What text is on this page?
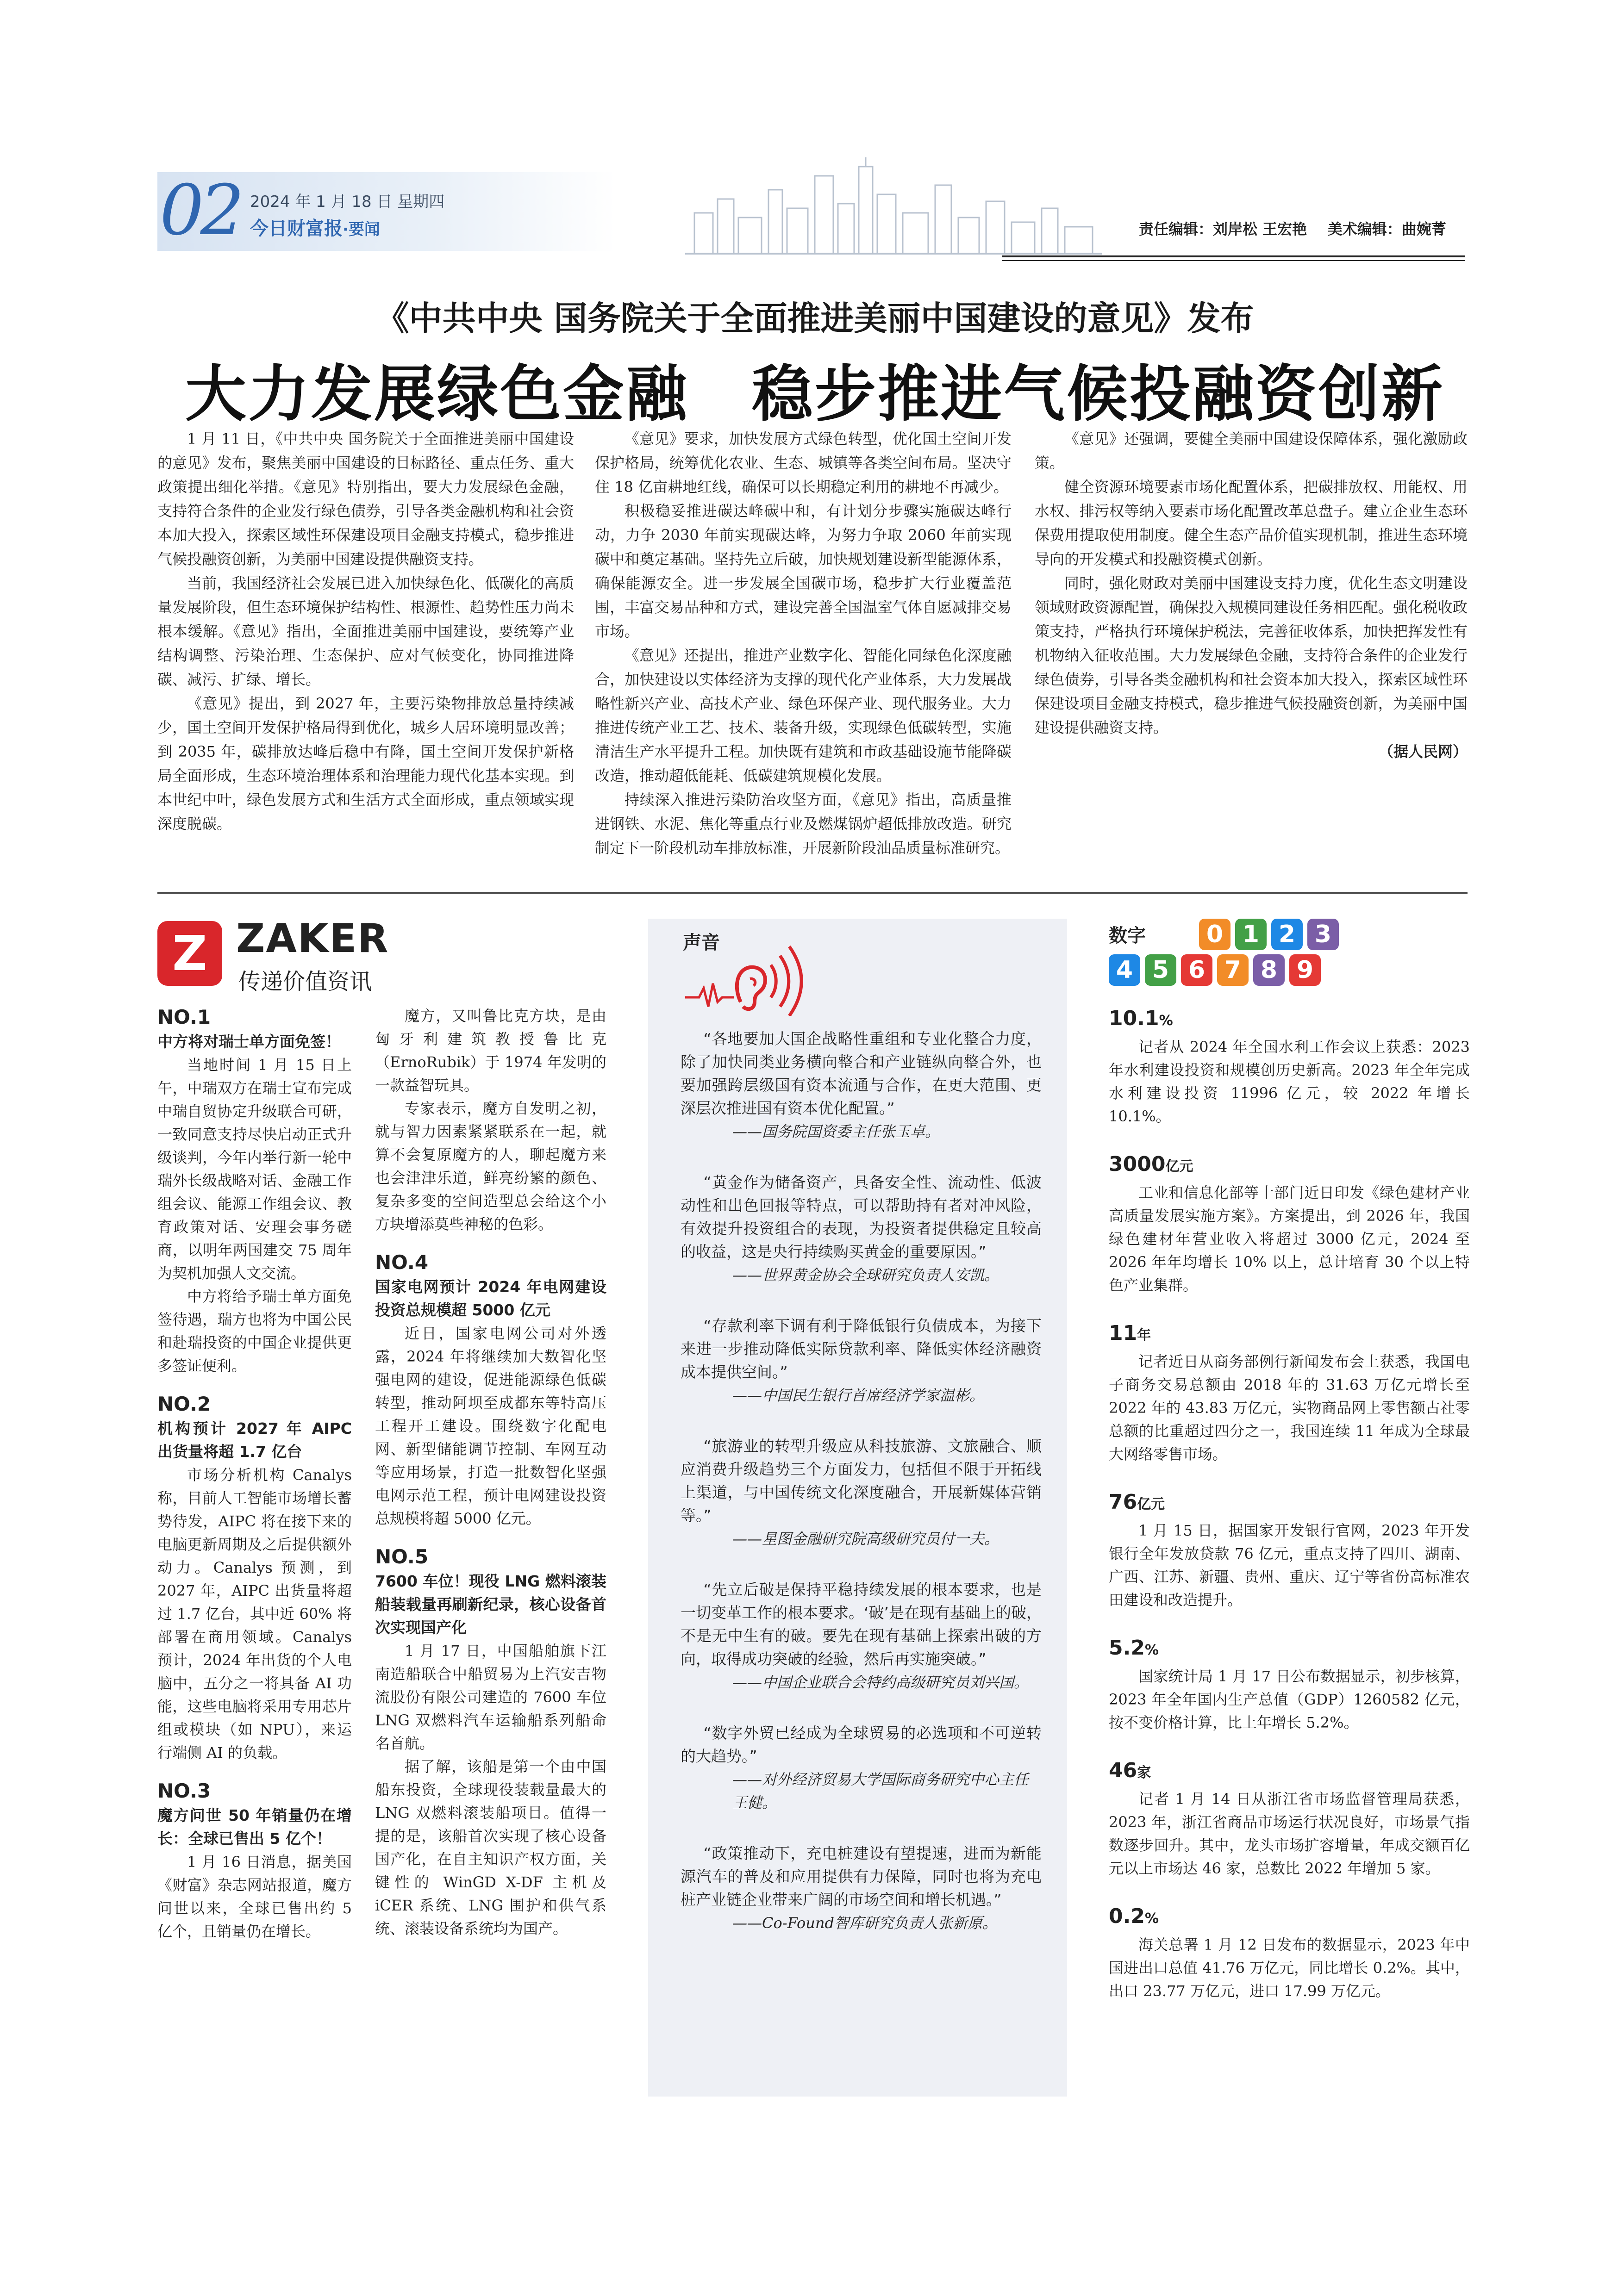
02 2024 年 1 月 18 日 星期四
今日财富报·要闻	责任编辑：刘岸松 王宏艳    美术编辑：曲婉菁
《中共中央 国务院关于全面推进美丽中国建设的意见》发布
大力发展绿色金融　稳步推进气候投融资创新

1 月 11 日，《中共中央 国务院关于全面推进美丽中国建设的意见》发布，聚焦美丽中国建设的目标路径、重点任务、重大政策提出细化举措。《意见》特别指出，要大力发展绿色金融，支持符合条件的企业发行绿色债券，引导各类金融机构和社会资本加大投入，探索区域性环保建设项目金融支持模式，稳步推进气候投融资创新，为美丽中国建设提供融资支持。

当前，我国经济社会发展已进入加快绿色化、低碳化的高质量发展阶段，但生态环境保护结构性、根源性、趋势性压力尚未根本缓解。《意见》指出，全面推进美丽中国建设，要统筹产业结构调整、污染治理、生态保护、应对气候变化，协同推进降碳、减污、扩绿、增长。

《意见》提出，到 2027 年，主要污染物排放总量持续减少，国土空间开发保护格局得到优化，城乡人居环境明显改善；到 2035 年，碳排放达峰后稳中有降，国土空间开发保护新格局全面形成，生态环境治理体系和治理能力现代化基本实现。到本世纪中叶，绿色发展方式和生活方式全面形成，重点领域实现深度脱碳。

《意见》要求，加快发展方式绿色转型，优化国土空间开发保护格局，统筹优化农业、生态、城镇等各类空间布局。坚决守住 18 亿亩耕地红线，确保可以长期稳定利用的耕地不再减少。

积极稳妥推进碳达峰碳中和，有计划分步骤实施碳达峰行动，力争 2030 年前实现碳达峰，为努力争取 2060 年前实现碳中和奠定基础。坚持先立后破，加快规划建设新型能源体系，确保能源安全。进一步发展全国碳市场，稳步扩大行业覆盖范围，丰富交易品种和方式，建设完善全国温室气体自愿减排交易市场。

《意见》还提出，推进产业数字化、智能化同绿色化深度融合，加快建设以实体经济为支撑的现代化产业体系，大力发展战略性新兴产业、高技术产业、绿色环保产业、现代服务业。大力推进传统产业工艺、技术、装备升级，实现绿色低碳转型，实施清洁生产水平提升工程。加快既有建筑和市政基础设施节能降碳改造，推动超低能耗、低碳建筑规模化发展。

持续深入推进污染防治攻坚方面，《意见》指出，高质量推进钢铁、水泥、焦化等重点行业及燃煤锅炉超低排放改造。研究制定下一阶段机动车排放标准，开展新阶段油品质量标准研究。

《意见》还强调，要健全美丽中国建设保障体系，强化激励政策。

健全资源环境要素市场化配置体系，把碳排放权、用能权、用水权、排污权等纳入要素市场化配置改革总盘子。建立企业生态环保费用提取使用制度。健全生态产品价值实现机制，推进生态环境导向的开发模式和投融资模式创新。

同时，强化财政对美丽中国建设支持力度，优化生态文明建设领域财政资源配置，确保投入规模同建设任务相匹配。强化税收政策支持，严格执行环境保护税法，完善征收体系，加快把挥发性有机物纳入征收范围。大力发展绿色金融，支持符合条件的企业发行绿色债券，引导各类金融机构和社会资本加大投入，探索区域性环保建设项目金融支持模式，稳步推进气候投融资创新，为美丽中国建设提供融资支持。

（据人民网）
Z ZAKER
传递价值资讯
NO.1
中方将对瑞士单方面免签！

当地时间 1 月 15 日上午，中瑞双方在瑞士宣布完成中瑞自贸协定升级联合可研，一致同意支持尽快启动正式升级谈判，今年内举行新一轮中瑞外长级战略对话、金融工作组会议、能源工作组会议、教育政策对话、安理会事务磋商，以明年两国建交 75 周年为契机加强人文交流。

中方将给予瑞士单方面免签待遇，瑞方也将为中国公民和赴瑞投资的中国企业提供更多签证便利。

NO.2
机构预计 2027 年 AIPC 出货量将超 1.7 亿台

市场分析机构 Canalys 称，目前人工智能市场增长蓄势待发，AIPC 将在接下来的电脑更新周期及之后提供额外动力。Canalys 预测，到 2027 年，AIPC 出货量将超过 1.7 亿台，其中近 60% 将部署在商用领域。Canalys 预计，2024 年出货的个人电脑中，五分之一将具备 AI 功能，这些电脑将采用专用芯片组或模块（如 NPU），来运行端侧 AI 的负载。

NO.3
魔方问世 50 年销量仍在增长：全球已售出 5 亿个！

1 月 16 日消息，据美国《财富》杂志网站报道，魔方问世以来，全球已售出约 5 亿个，且销量仍在增长。

魔方，又叫鲁比克方块，是由匈牙利建筑教授鲁比克（ErnoRubik）于 1974 年发明的一款益智玩具。

专家表示，魔方自发明之初，就与智力因素紧紧联系在一起，就算不会复原魔方的人，聊起魔方来也会津津乐道，鲜亮纷繁的颜色、复杂多变的空间造型总会给这个小方块增添莫些神秘的色彩。

NO.4
国家电网预计 2024 年电网建设投资总规模超 5000 亿元

近日，国家电网公司对外透露，2024 年将继续加大数智化坚强电网的建设，促进能源绿色低碳转型，推动阿坝至成都东等特高压工程开工建设。围绕数字化配电网、新型储能调节控制、车网互动等应用场景，打造一批数智化坚强电网示范工程，预计电网建设投资总规模将超 5000 亿元。

NO.5
7600 车位！现役 LNG 燃料滚装船装载量再刷新纪录，核心设备首次实现国产化

1 月 17 日，中国船舶旗下江南造船联合中船贸易为上汽安吉物流股份有限公司建造的 7600 车位 LNG 双燃料汽车运输船系列船命名首航。

据了解，该船是第一个由中国船东投资，全球现役装载量最大的 LNG 双燃料滚装船项目。值得一提的是，该船首次实现了核心设备国产化，在自主知识产权方面，关键性的 WinGD X-DF 主机及 iCER 系统、LNG 围护和供气系统、滚装设备系统均为国产。

声音

“各地要加大国企战略性重组和专业化整合力度，除了加快同类业务横向整合和产业链纵向整合外，也要加强跨层级国有资本流通与合作，在更大范围、更深层次推进国有资本优化配置。”

——国务院国资委主任张玉卓。

“黄金作为储备资产，具备安全性、流动性、低波动性和出色回报等特点，可以帮助持有者对冲风险，有效提升投资组合的表现，为投资者提供稳定且较高的收益，这是央行持续购买黄金的重要原因。”

——世界黄金协会全球研究负责人安凯。

“存款利率下调有利于降低银行负债成本，为接下来进一步推动降低实际贷款利率、降低实体经济融资成本提供空间。”

——中国民生银行首席经济学家温彬。

“旅游业的转型升级应从科技旅游、文旅融合、顺应消费升级趋势三个方面发力，包括但不限于开拓线上渠道，与中国传统文化深度融合，开展新媒体营销等。”

——星图金融研究院高级研究员付一夫。

“先立后破是保持平稳持续发展的根本要求，也是一切变革工作的根本要求。‘破’是在现有基础上的破，不是无中生有的破。要先在现有基础上探索出破的方向，取得成功突破的经验，然后再实施突破。”

——中国企业联合会特约高级研究员刘兴国。

“数字外贸已经成为全球贸易的必选项和不可逆转的大趋势。”

——对外经济贸易大学国际商务研究中心主任王健。

“政策推动下，充电桩建设有望提速，进而为新能源汽车的普及和应用提供有力保障，同时也将为充电桩产业链企业带来广阔的市场空间和增长机遇。”

——Co-Found智库研究负责人张新原。

数字	0 1 2 3
4 5 6 7 8 9

10.1%

记者从 2024 年全国水利工作会议上获悉：2023 年水利建设投资和规模创历史新高。2023 年全年完成水利建设投资 11996 亿元，较 2022 年增长 10.1%。

3000亿元

工业和信息化部等十部门近日印发《绿色建材产业高质量发展实施方案》。方案提出，到 2026 年，我国绿色建材年营业收入将超过 3000 亿元，2024 至 2026 年年均增长 10% 以上，总计培育 30 个以上特色产业集群。

11年

记者近日从商务部例行新闻发布会上获悉，我国电子商务交易总额由 2018 年的 31.63 万亿元增长至 2022 年的 43.83 万亿元，实物商品网上零售额占社零总额的比重超过四分之一，我国连续 11 年成为全球最大网络零售市场。

76亿元

1 月 15 日，据国家开发银行官网，2023 年开发银行全年发放贷款 76 亿元，重点支持了四川、湖南、广西、江苏、新疆、贵州、重庆、辽宁等省份高标准农田建设和改造提升。

5.2%

国家统计局 1 月 17 日公布数据显示，初步核算，2023 年全年国内生产总值（GDP）1260582 亿元，按不变价格计算，比上年增长 5.2%。

46家

记者 1 月 14 日从浙江省市场监督管理局获悉，2023 年，浙江省商品市场运行状况良好，市场景气指数逐步回升。其中，龙头市场扩容增量，年成交额百亿元以上市场达 46 家，总数比 2022 年增加 5 家。

0.2%

海关总署 1 月 12 日发布的数据显示，2023 年中国进出口总值 41.76 万亿元，同比增长 0.2%。其中，出口 23.77 万亿元，进口 17.99 万亿元。
